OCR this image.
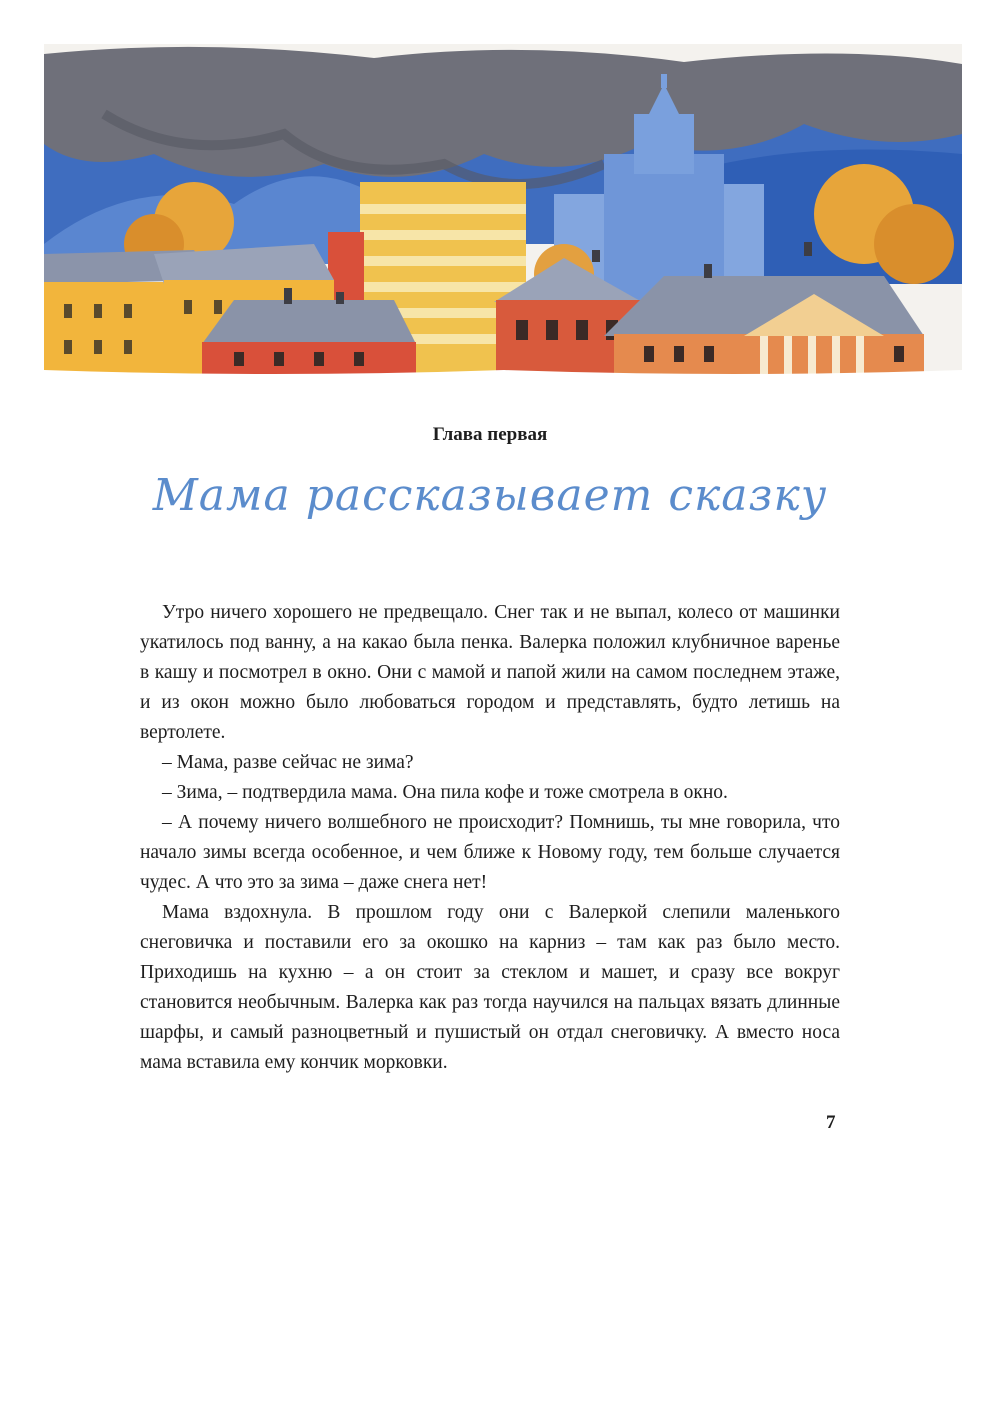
Глава первая
Мама рассказывает сказку

Утро ничего хорошего не предвещало. Снег так и не выпал, колесо от машинки укатилось под ванну, а на какао была пенка. Валерка положил клубничное варенье в кашу и посмотрел в окно. Они с мамой и папой жили на самом последнем этаже, и из окон можно было любоваться городом и представлять, будто летишь на вертолете.

– Мама, разве сейчас не зима?

– Зима, – подтвердила мама. Она пила кофе и тоже смотрела в окно.

– А почему ничего волшебного не происходит? Помнишь, ты мне говорила, что начало зимы всегда особенное, и чем ближе к Новому году, тем больше случается чудес. А что это за зима – даже снега нет!

Мама вздохнула. В прошлом году они с Валеркой слепили маленького снеговичка и поставили его за окошко на карниз – там как раз было место. Приходишь на кухню – а он стоит за стеклом и машет, и сразу все вокруг становится необычным. Валерка как раз тогда научился на пальцах вязать длинные шарфы, и самый разноцветный и пушистый он отдал снеговичку. А вместо носа мама вставила ему кончик морковки.

7
